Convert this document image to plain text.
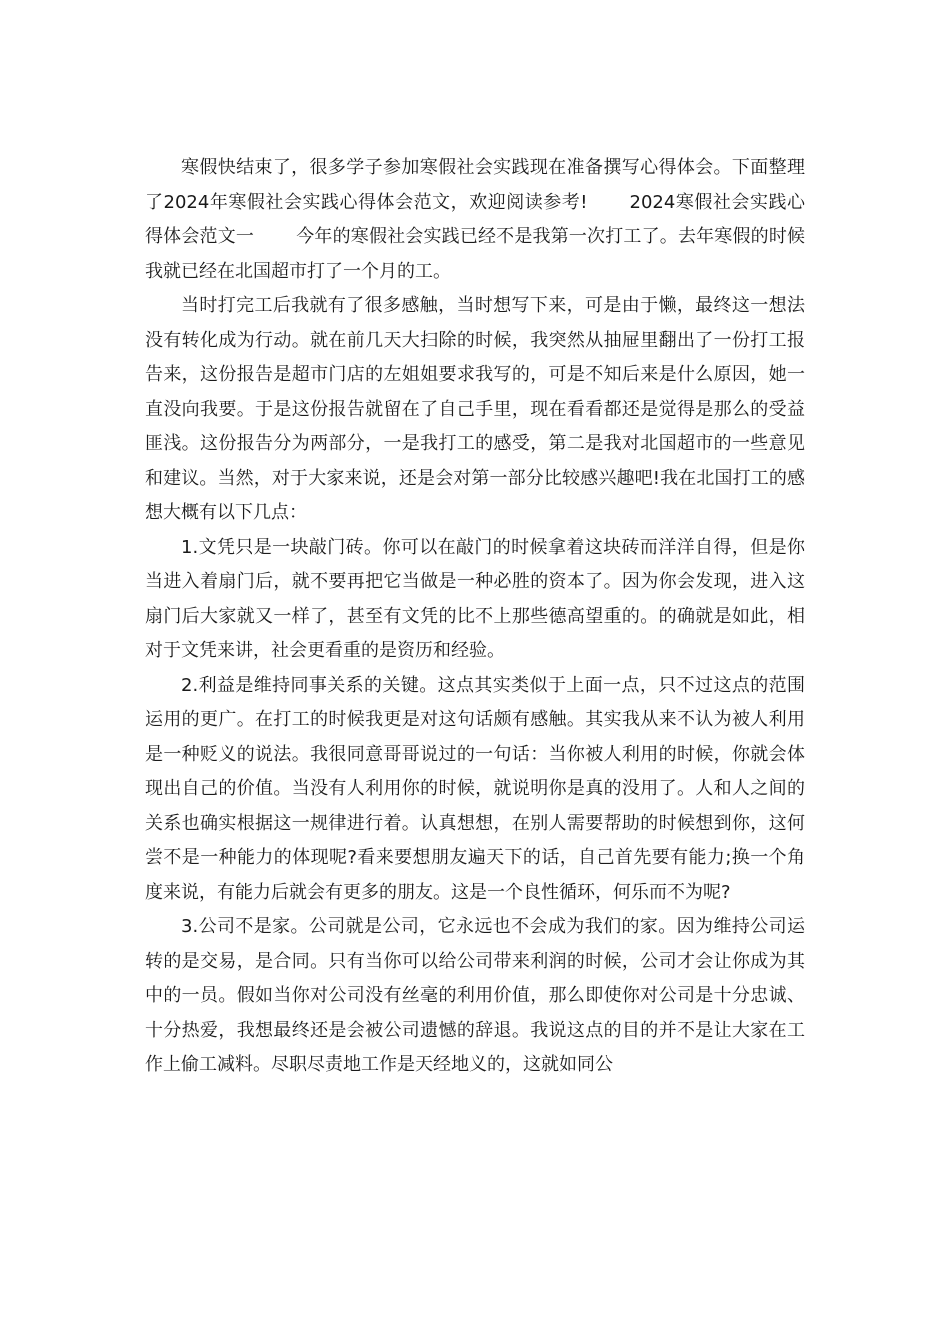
寒假快结束了，很多学子参加寒假社会实践现在准备撰写心得体会。下面整理了2024年寒假社会实践心得体会范文，欢迎阅读参考! 2024寒假社会实践心得体会范文一 今年的寒假社会实践已经不是我第一次打工了。去年寒假的时候我就已经在北国超市打了一个月的工。

当时打完工后我就有了很多感触，当时想写下来，可是由于懒，最终这一想法没有转化成为行动。就在前几天大扫除的时候，我突然从抽屉里翻出了一份打工报告来，这份报告是超市门店的左姐姐要求我写的，可是不知后来是什么原因，她一直没向我要。于是这份报告就留在了自己手里，现在看看都还是觉得是那么的受益匪浅。这份报告分为两部分，一是我打工的感受，第二是我对北国超市的一些意见和建议。当然，对于大家来说，还是会对第一部分比较感兴趣吧!我在北国打工的感想大概有以下几点：

1.文凭只是一块敲门砖。你可以在敲门的时候拿着这块砖而洋洋自得，但是你当进入着扇门后，就不要再把它当做是一种必胜的资本了。因为你会发现，进入这扇门后大家就又一样了，甚至有文凭的比不上那些德高望重的。的确就是如此，相对于文凭来讲，社会更看重的是资历和经验。

2.利益是维持同事关系的关键。这点其实类似于上面一点，只不过这点的范围运用的更广。在打工的时候我更是对这句话颇有感触。其实我从来不认为被人利用是一种贬义的说法。我很同意哥哥说过的一句话：当你被人利用的时候，你就会体现出自己的价值。当没有人利用你的时候，就说明你是真的没用了。人和人之间的关系也确实根据这一规律进行着。认真想想，在别人需要帮助的时候想到你，这何尝不是一种能力的体现呢?看来要想朋友遍天下的话，自己首先要有能力;换一个角度来说，有能力后就会有更多的朋友。这是一个良性循环，何乐而不为呢?

3.公司不是家。公司就是公司，它永远也不会成为我们的家。因为维持公司运转的是交易，是合同。只有当你可以给公司带来利润的时候，公司才会让你成为其中的一员。假如当你对公司没有丝毫的利用价值，那么即使你对公司是十分忠诚、十分热爱，我想最终还是会被公司遗憾的辞退。我说这点的目的并不是让大家在工作上偷工减料。尽职尽责地工作是天经地义的，这就如同公
